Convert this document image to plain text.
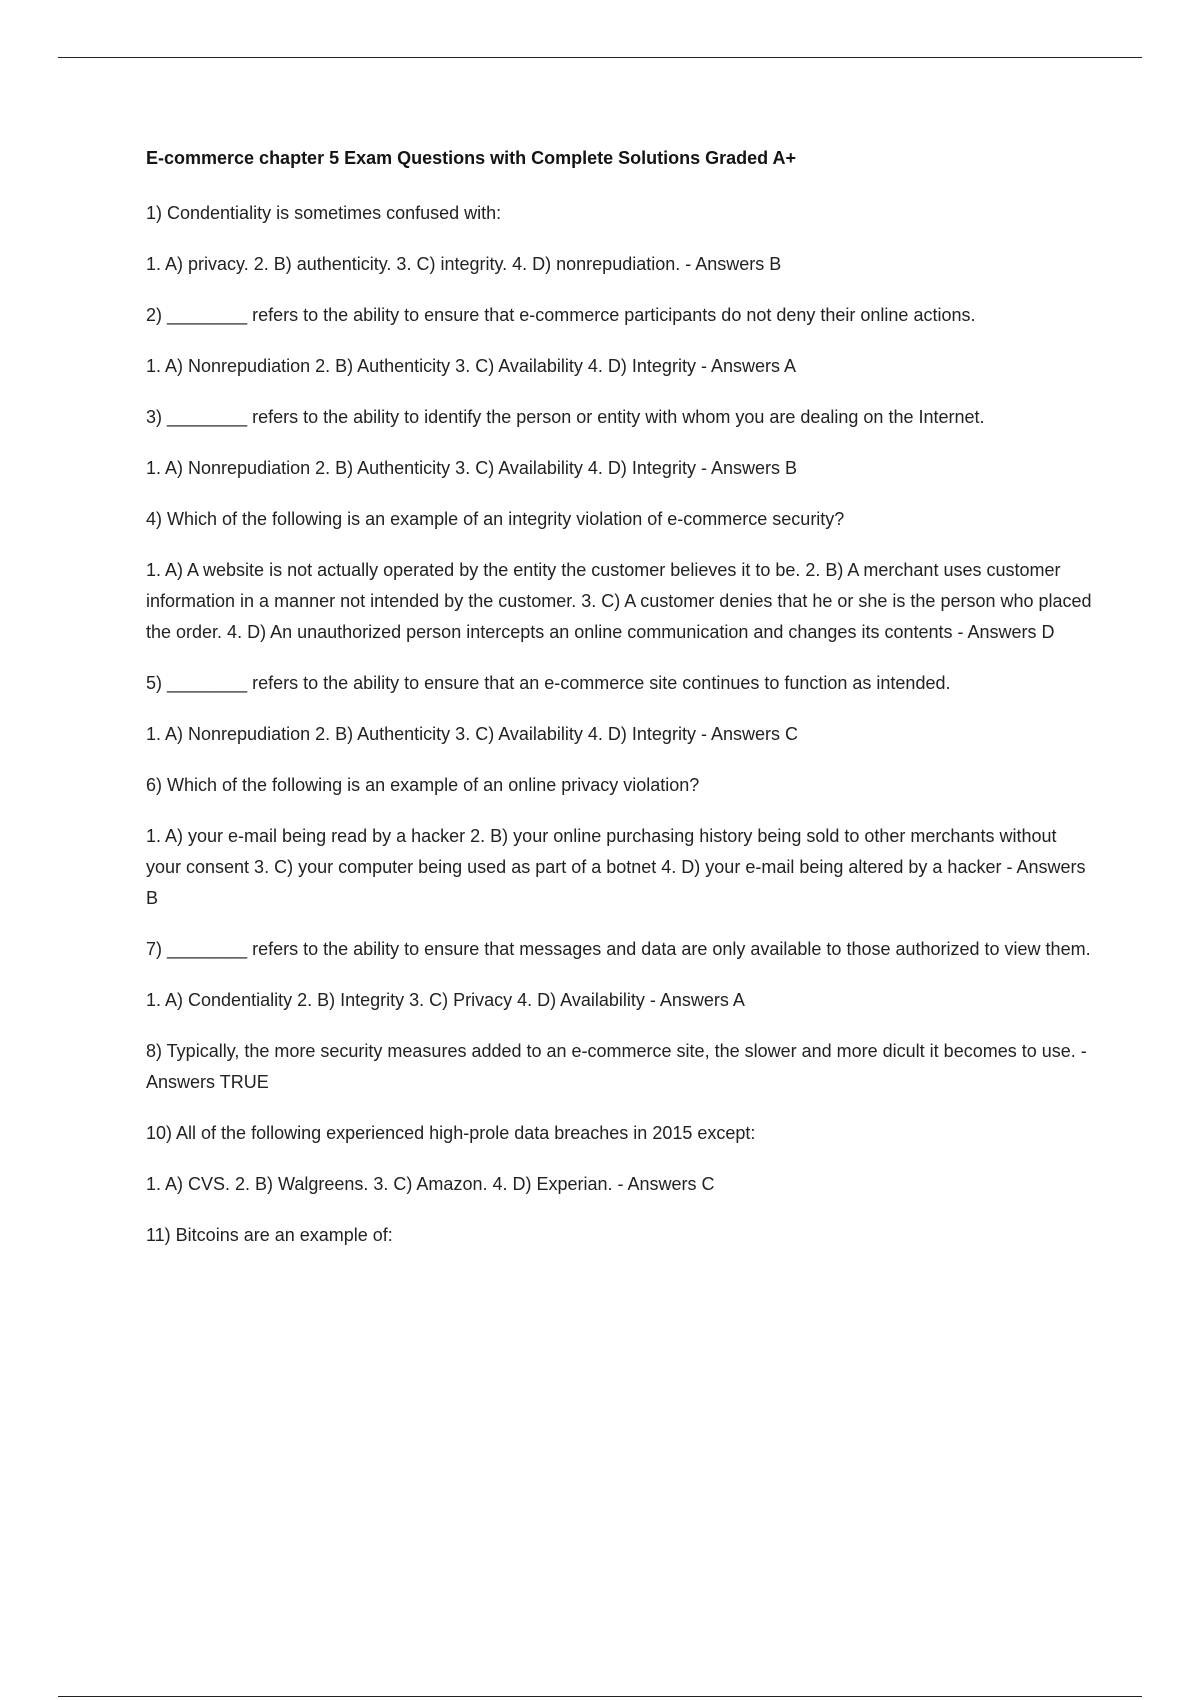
E-commerce chapter 5 Exam Questions with Complete Solutions Graded A+

1) Condentiality is sometimes confused with:

1. A) privacy. 2. B) authenticity. 3. C) integrity. 4. D) nonrepudiation. - Answers B

2) ________ refers to the ability to ensure that e-commerce participants do not deny their online actions.

1. A) Nonrepudiation 2. B) Authenticity 3. C) Availability 4. D) Integrity - Answers A

3) ________ refers to the ability to identify the person or entity with whom you are dealing on the Internet.

1. A) Nonrepudiation 2. B) Authenticity 3. C) Availability 4. D) Integrity - Answers B

4) Which of the following is an example of an integrity violation of e-commerce security?

1. A) A website is not actually operated by the entity the customer believes it to be. 2. B) A merchant uses customer information in a manner not intended by the customer. 3. C) A customer denies that he or she is the person who placed the order. 4. D) An unauthorized person intercepts an online communication and changes its contents - Answers D

5) ________ refers to the ability to ensure that an e-commerce site continues to function as intended.

1. A) Nonrepudiation 2. B) Authenticity 3. C) Availability 4. D) Integrity - Answers C

6) Which of the following is an example of an online privacy violation?

1. A) your e-mail being read by a hacker 2. B) your online purchasing history being sold to other merchants without your consent 3. C) your computer being used as part of a botnet 4. D) your e-mail being altered by a hacker - Answers B

7) ________ refers to the ability to ensure that messages and data are only available to those authorized to view them.

1. A) Condentiality 2. B) Integrity 3. C) Privacy 4. D) Availability - Answers A

8) Typically, the more security measures added to an e-commerce site, the slower and more dicult it becomes to use. - Answers TRUE

10) All of the following experienced high-prole data breaches in 2015 except:

1. A) CVS. 2. B) Walgreens. 3. C) Amazon. 4. D) Experian. - Answers C

11) Bitcoins are an example of:
